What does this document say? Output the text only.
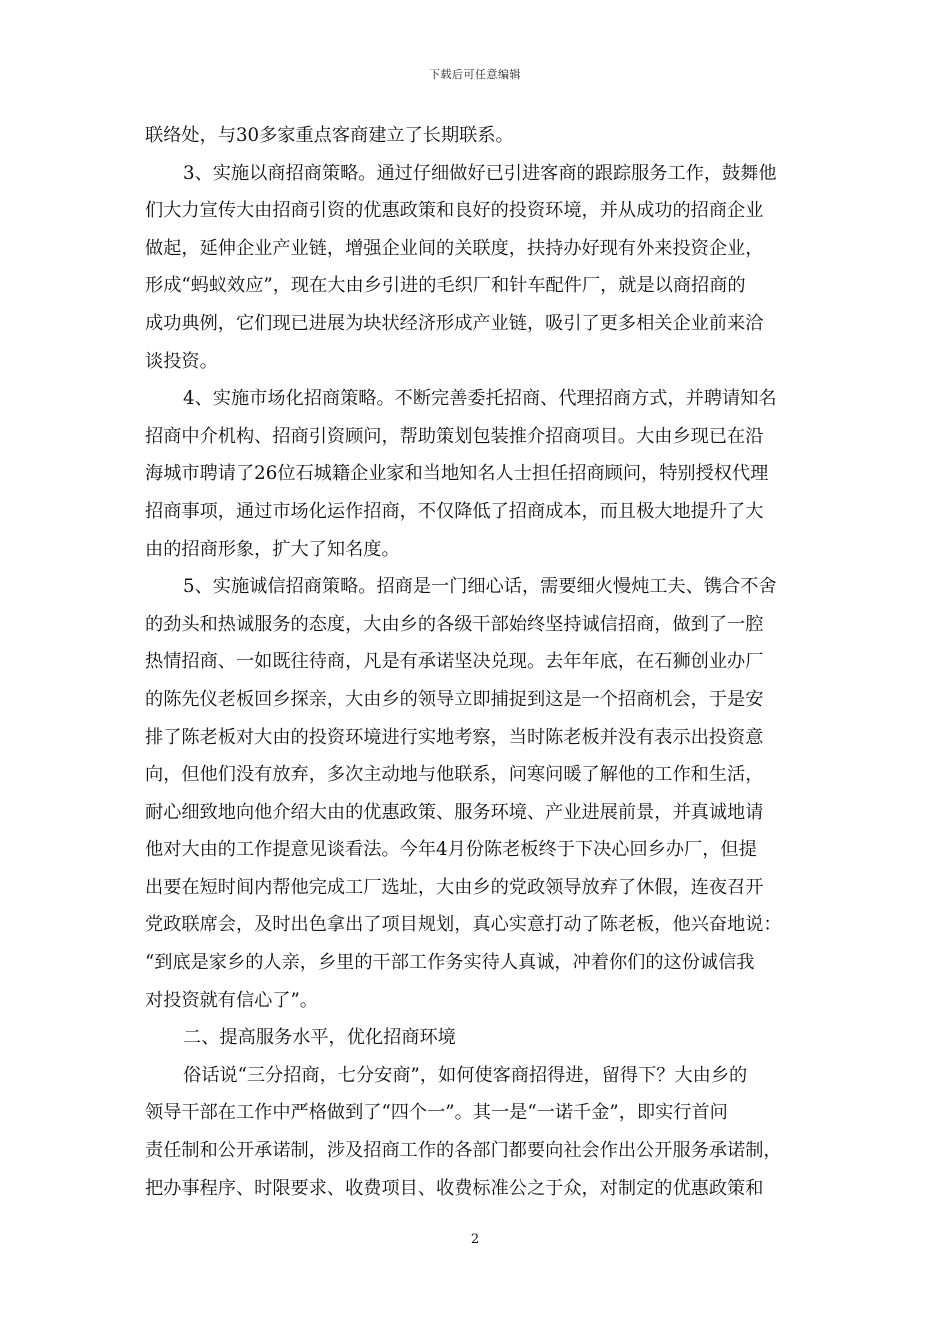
下载后可任意编辑

联络处，与30多家重点客商建立了长期联系。

3、实施以商招商策略。通过仔细做好已引进客商的跟踪服务工作，鼓舞他
们大力宣传大由招商引资的优惠政策和良好的投资环境，并从成功的招商企业
做起，延伸企业产业链，增强企业间的关联度，扶持办好现有外来投资企业，
形成“蚂蚁效应”，现在大由乡引进的毛织厂和针车配件厂，就是以商招商的
成功典例，它们现已进展为块状经济形成产业链，吸引了更多相关企业前来洽
谈投资。

4、实施市场化招商策略。不断完善委托招商、代理招商方式，并聘请知名
招商中介机构、招商引资顾问，帮助策划包装推介招商项目。大由乡现已在沿
海城市聘请了26位石城籍企业家和当地知名人士担任招商顾问，特别授权代理
招商事项，通过市场化运作招商，不仅降低了招商成本，而且极大地提升了大
由的招商形象，扩大了知名度。

5、实施诚信招商策略。招商是一门细心话，需要细火慢炖工夫、镌合不舍
的劲头和热诚服务的态度，大由乡的各级干部始终坚持诚信招商，做到了一腔
热情招商、一如既往待商，凡是有承诺坚决兑现。去年年底，在石狮创业办厂
的陈先仪老板回乡探亲，大由乡的领导立即捕捉到这是一个招商机会，于是安
排了陈老板对大由的投资环境进行实地考察，当时陈老板并没有表示出投资意
向，但他们没有放弃，多次主动地与他联系，问寒问暖了解他的工作和生活，
耐心细致地向他介绍大由的优惠政策、服务环境、产业进展前景，并真诚地请
他对大由的工作提意见谈看法。今年4月份陈老板终于下决心回乡办厂，但提
出要在短时间内帮他完成工厂选址，大由乡的党政领导放弃了休假，连夜召开
党政联席会，及时出色拿出了项目规划，真心实意打动了陈老板，他兴奋地说：
“到底是家乡的人亲，乡里的干部工作务实待人真诚，冲着你们的这份诚信我
对投资就有信心了”。

二、提高服务水平，优化招商环境

俗话说“三分招商，七分安商”，如何使客商招得进，留得下？大由乡的
领导干部在工作中严格做到了“四个一”。其一是“一诺千金”，即实行首问
责任制和公开承诺制，涉及招商工作的各部门都要向社会作出公开服务承诺制，
把办事程序、时限要求、收费项目、收费标准公之于众，对制定的优惠政策和

2
